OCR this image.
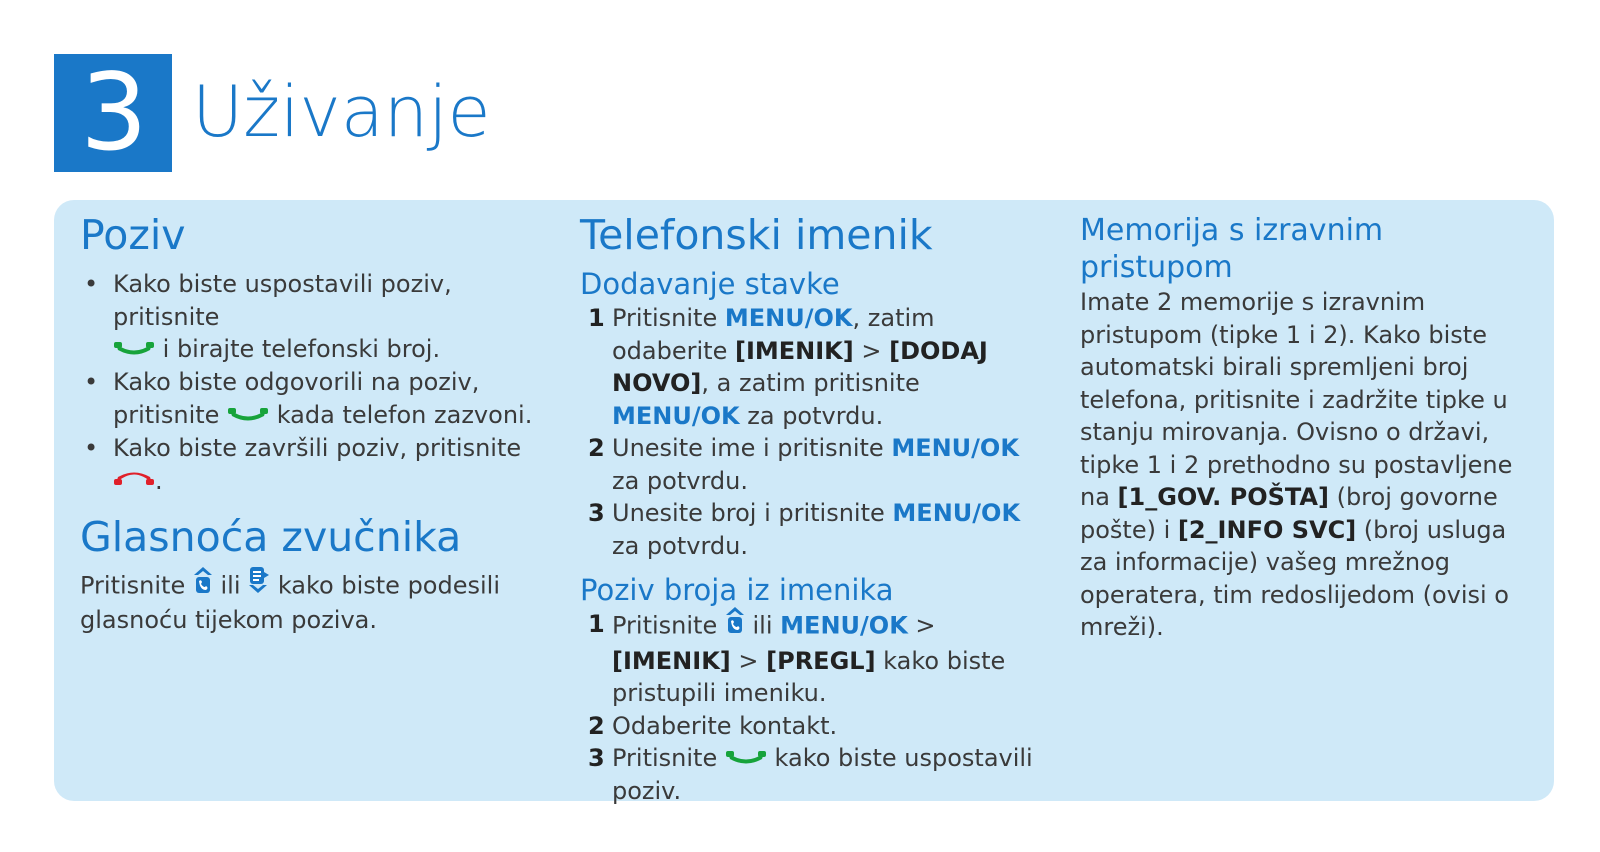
3 Uživanje
Poziv
• Kako biste uspostavili poziv, pritisnite
i birajte telefonski broj.
• Kako biste odgovorili na poziv, pritisnite kada telefon zazvoni.
• Kako biste završili poziv, pritisnite .
Glasnoća zvučnika
Pritisnite ili kako biste podesili glasnoću tijekom poziva.
Telefonski imenik
Dodavanje stavke
1 Pritisnite MENU/OK, zatim odaberite [IMENIK] > [DODAJ NOVO], a zatim pritisnite MENU/OK za potvrdu.
2 Unesite ime i pritisnite MENU/OK za potvrdu.
3 Unesite broj i pritisnite MENU/OK za potvrdu.
Poziv broja iz imenika
1 Pritisnite ili MENU/OK > [IMENIK] > [PREGL] kako biste pristupili imeniku.
2 Odaberite kontakt.
3 Pritisnite kako biste uspostavili poziv.
Memorija s izravnim pristupom
Imate 2 memorije s izravnim pristupom (tipke 1 i 2). Kako biste automatski birali spremljeni broj telefona, pritisnite i zadržite tipke u stanju mirovanja. Ovisno o državi, tipke 1 i 2 prethodno su postavljene na [1_GOV. POŠTA] (broj govorne pošte) i [2_INFO SVC] (broj usluga za informacije) vašeg mrežnog operatera, tim redoslijedom (ovisi o mreži).
